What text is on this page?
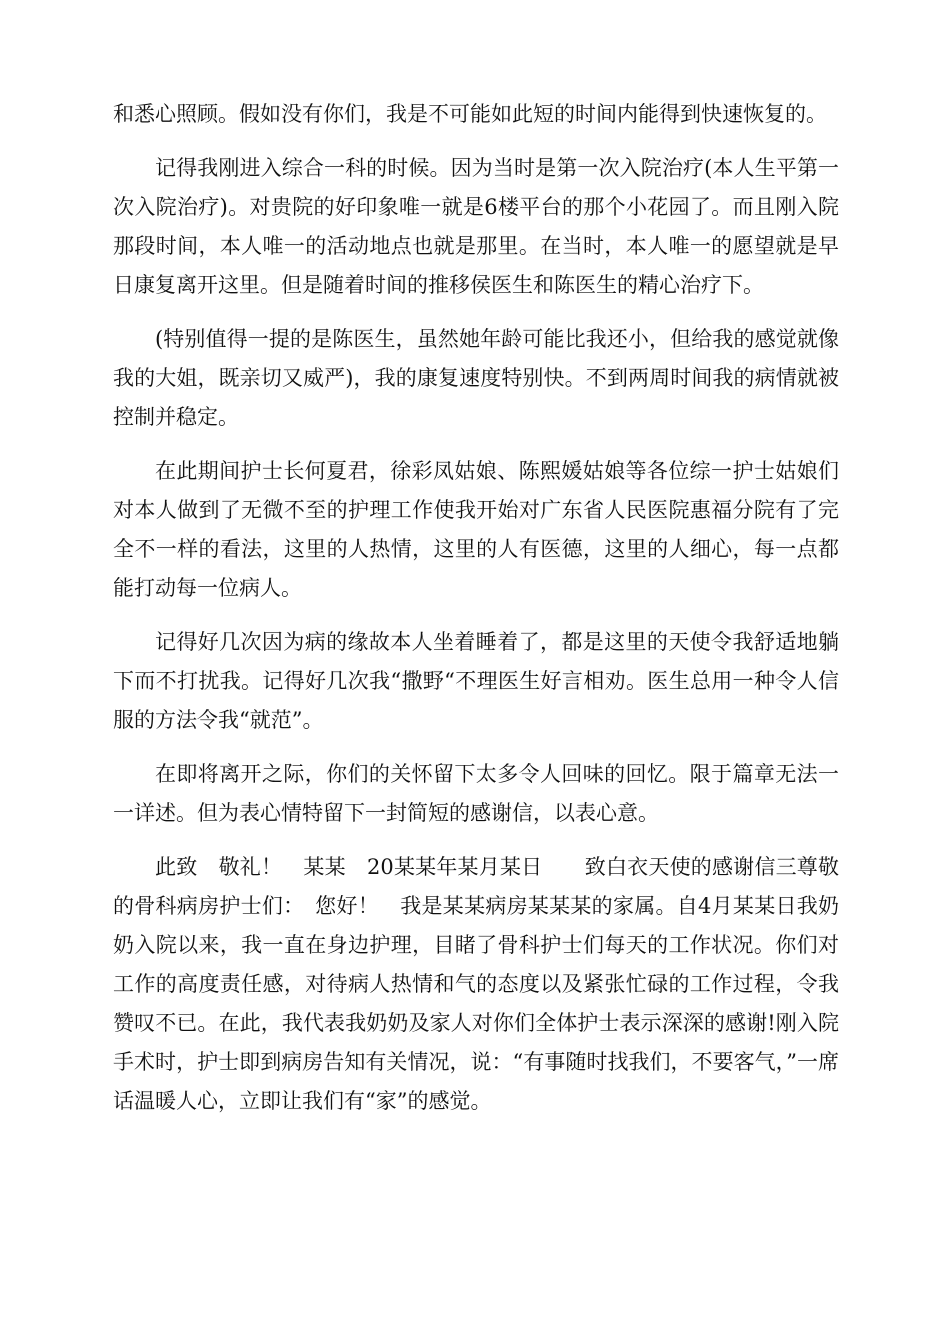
和悉心照顾。假如没有你们，我是不可能如此短的时间内能得到快速恢复的。

记得我刚进入综合一科的时候。因为当时是第一次入院治疗(本人生平第一次入院治疗)。对贵院的好印象唯一就是6楼平台的那个小花园了。而且刚入院那段时间，本人唯一的活动地点也就是那里。在当时，本人唯一的愿望就是早日康复离开这里。但是随着时间的推移侯医生和陈医生的精心治疗下。

(特别值得一提的是陈医生，虽然她年龄可能比我还小，但给我的感觉就像我的大姐，既亲切又威严)，我的康复速度特别快。不到两周时间我的病情就被控制并稳定。

在此期间护士长何夏君，徐彩凤姑娘、陈熙媛姑娘等各位综一护士姑娘们对本人做到了无微不至的护理工作使我开始对广东省人民医院惠福分院有了完全不一样的看法，这里的人热情，这里的人有医德，这里的人细心，每一点都能打动每一位病人。

记得好几次因为病的缘故本人坐着睡着了，都是这里的天使令我舒适地躺下而不打扰我。记得好几次我“撒野“不理医生好言相劝。医生总用一种令人信服的方法令我“就范”。

在即将离开之际，你们的关怀留下太多令人回味的回忆。限于篇章无法一一详述。但为表心情特留下一封简短的感谢信，以表心意。

此致　敬礼！　某某　20某某年某月某日　　致白衣天使的感谢信三尊敬的骨科病房护士们：　您好！　我是某某病房某某某的家属。自4月某某日我奶奶入院以来，我一直在身边护理，目睹了骨科护士们每天的工作状况。你们对工作的高度责任感，对待病人热情和气的态度以及紧张忙碌的工作过程，令我赞叹不已。在此，我代表我奶奶及家人对你们全体护士表示深深的感谢!刚入院手术时，护士即到病房告知有关情况，说：“有事随时找我们，不要客气，”一席话温暖人心，立即让我们有“家”的感觉。
